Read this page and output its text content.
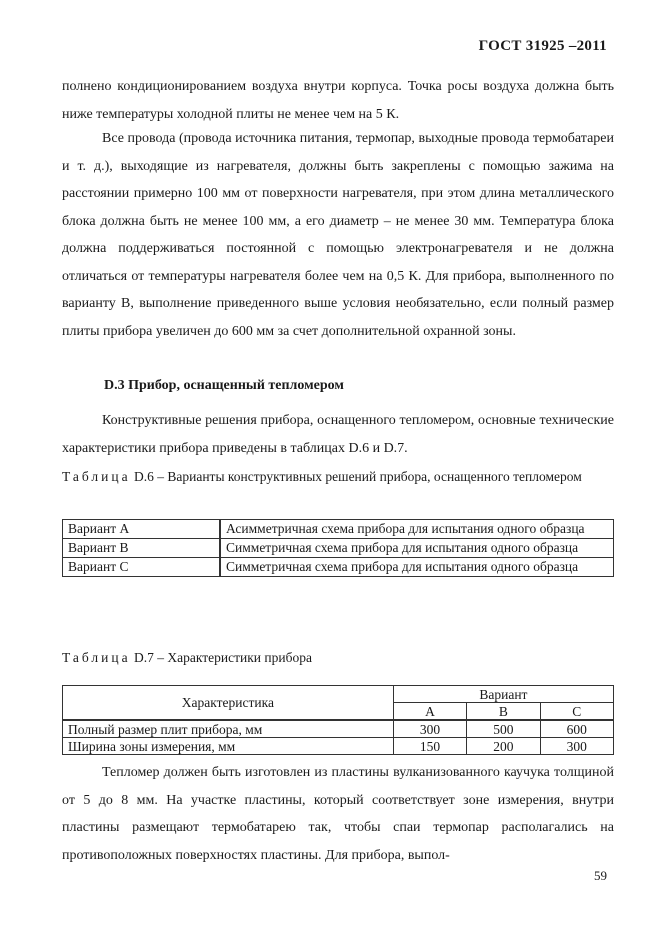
ГОСТ 31925 –2011

полнено кондиционированием воздуха внутри корпуса. Точка росы воздуха должна быть ниже температуры холодной плиты не менее чем на 5 К.

Все провода (провода источника питания, термопар, выходные провода термобатареи и т. д.), выходящие из нагревателя, должны быть закреплены с помощью зажима на расстоянии примерно 100 мм от поверхности нагревателя, при этом длина металлического блока должна быть не менее 100 мм, а его диаметр – не менее 30 мм. Температура блока должна поддерживаться постоянной с помощью электронагревателя и не должна отличаться от температуры нагревателя более чем на 0,5 К. Для прибора, выполненного по варианту B, выполнение приведенного выше условия необязательно, если полный размер плиты прибора увеличен до 600 мм за счет дополнительной охранной зоны.

D.3 Прибор, оснащенный тепломером

Конструктивные решения прибора, оснащенного тепломером, основные технические характеристики прибора приведены в таблицах D.6 и D.7.

Таблица D.6 – Варианты конструктивных решений прибора, оснащенного тепломером

Вариант А	Асимметричная схема прибора для испытания одного образца
Вариант B	Симметричная схема прибора для испытания одного образца
Вариант С	Симметричная схема прибора для испытания одного образца

Таблица D.7 – Характеристики прибора

Характеристика	Вариант		
	A	B	C
Полный размер плит прибора, мм	300	500	600
Ширина зоны измерения, мм	150	200	300

Тепломер должен быть изготовлен из пластины вулканизованного каучука толщиной от 5 до 8 мм. На участке пластины, который соответствует зоне измерения, внутри пластины размещают термобатарею так, чтобы спаи термопар располагались на противоположных поверхностях пластины. Для прибора, выпол-

59
